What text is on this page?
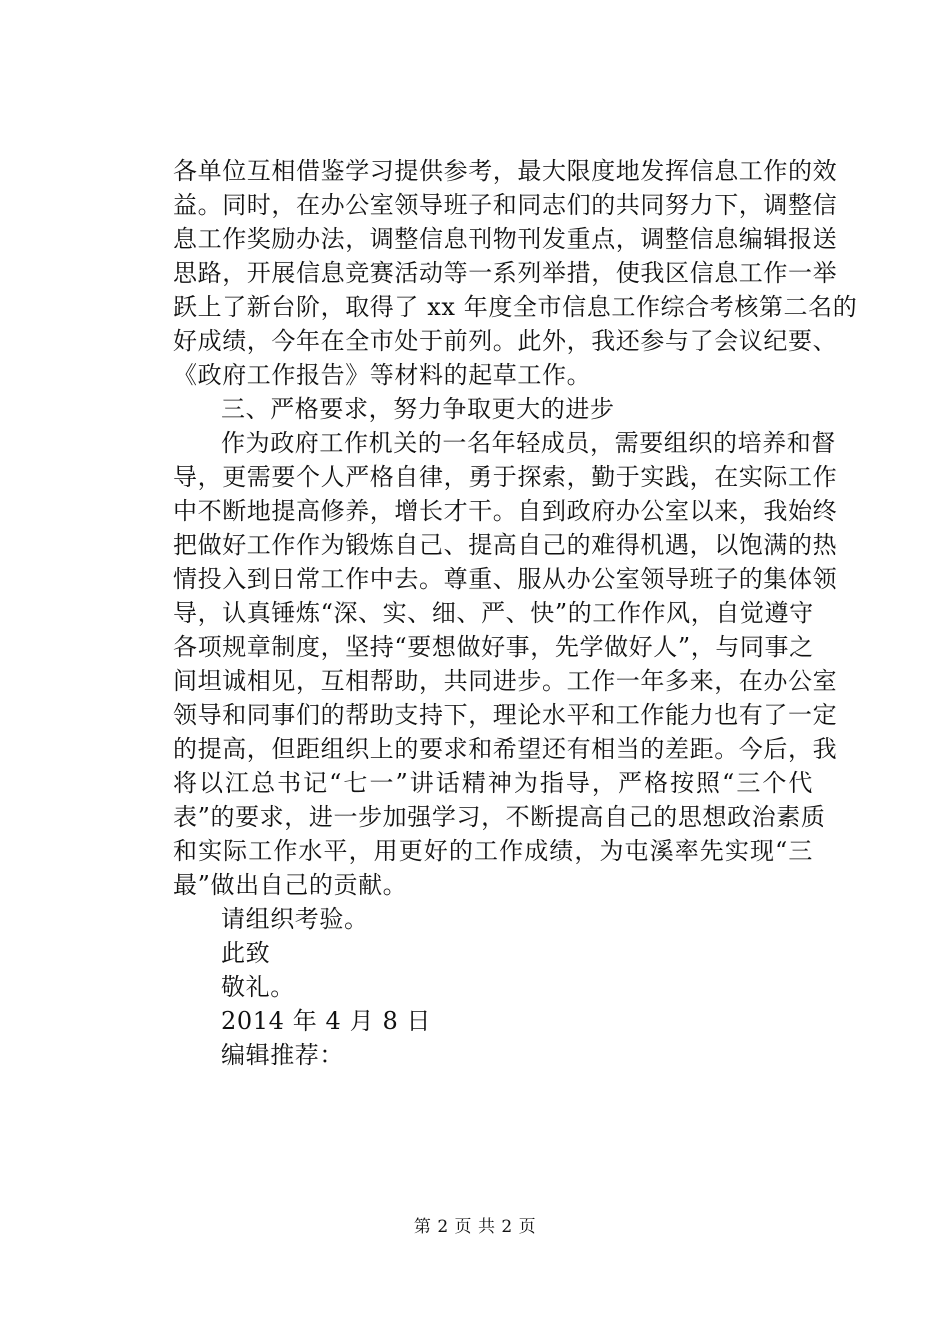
各单位互相借鉴学习提供参考，最大限度地发挥信息工作的效
益。同时，在办公室领导班子和同志们的共同努力下，调整信
息工作奖励办法，调整信息刊物刊发重点，调整信息编辑报送
思路，开展信息竞赛活动等一系列举措，使我区信息工作一举
跃上了新台阶，取得了 xx 年度全市信息工作综合考核第二名的
好成绩，今年在全市处于前列。此外，我还参与了会议纪要、
《政府工作报告》等材料的起草工作。
三、严格要求，努力争取更大的进步
作为政府工作机关的一名年轻成员，需要组织的培养和督
导，更需要个人严格自律，勇于探索，勤于实践，在实际工作
中不断地提高修养，增长才干。自到政府办公室以来，我始终
把做好工作作为锻炼自己、提高自己的难得机遇，以饱满的热
情投入到日常工作中去。尊重、服从办公室领导班子的集体领
导，认真锤炼“深、实、细、严、快”的工作作风，自觉遵守
各项规章制度，坚持“要想做好事，先学做好人”，与同事之
间坦诚相见，互相帮助，共同进步。工作一年多来，在办公室
领导和同事们的帮助支持下，理论水平和工作能力也有了一定
的提高，但距组织上的要求和希望还有相当的差距。今后，我
将以江总书记“七一”讲话精神为指导，严格按照“三个代
表”的要求，进一步加强学习，不断提高自己的思想政治素质
和实际工作水平，用更好的工作成绩，为屯溪率先实现“三
最”做出自己的贡献。
请组织考验。
此致
敬礼。
2014 年 4 月 8 日
编辑推荐：
第 2 页 共 2 页
